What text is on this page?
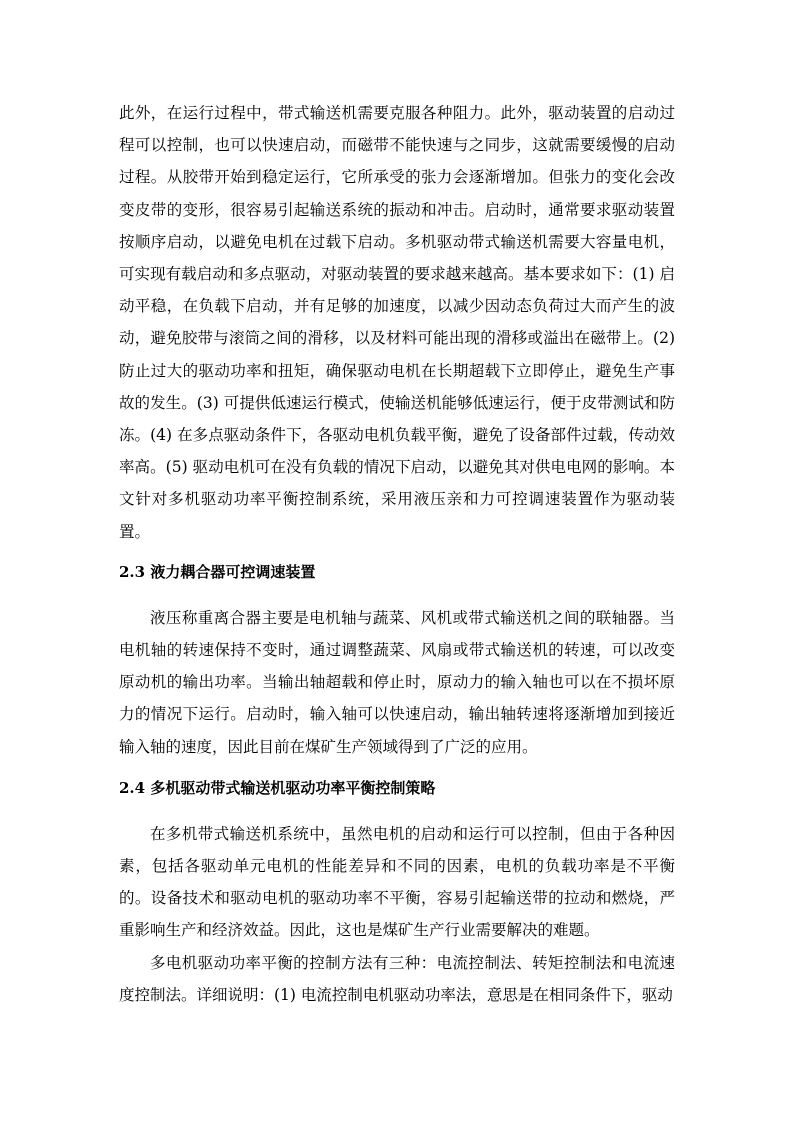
此外，在运行过程中，带式输送机需要克服各种阻力。此外，驱动装置的启动过程可以控制，也可以快速启动，而磁带不能快速与之同步，这就需要缓慢的启动过程。从胶带开始到稳定运行，它所承受的张力会逐渐增加。但张力的变化会改变皮带的变形，很容易引起输送系统的振动和冲击。启动时，通常要求驱动装置按顺序启动，以避免电机在过载下启动。多机驱动带式输送机需要大容量电机，可实现有载启动和多点驱动，对驱动装置的要求越来越高。基本要求如下：(1) 启动平稳，在负载下启动，并有足够的加速度，以减少因动态负荷过大而产生的波动，避免胶带与滚筒之间的滑移，以及材料可能出现的滑移或溢出在磁带上。(2) 防止过大的驱动功率和扭矩，确保驱动电机在长期超载下立即停止，避免生产事故的发生。(3) 可提供低速运行模式，使输送机能够低速运行，便于皮带测试和防冻。(4) 在多点驱动条件下，各驱动电机负载平衡，避免了设备部件过载，传动效率高。(5) 驱动电机可在没有负载的情况下启动，以避免其对供电电网的影响。本文针对多机驱动功率平衡控制系统，采用液压亲和力可控调速装置作为驱动装置。

2.3 液力耦合器可控调速装置

液压称重离合器主要是电机轴与蔬菜、风机或带式输送机之间的联轴器。当电机轴的转速保持不变时，通过调整蔬菜、风扇或带式输送机的转速，可以改变原动机的输出功率。当输出轴超载和停止时，原动力的输入轴也可以在不损坏原力的情况下运行。启动时，输入轴可以快速启动，输出轴转速将逐渐增加到接近输入轴的速度，因此目前在煤矿生产领域得到了广泛的应用。

2.4 多机驱动带式输送机驱动功率平衡控制策略

在多机带式输送机系统中，虽然电机的启动和运行可以控制，但由于各种因素，包括各驱动单元电机的性能差异和不同的因素，电机的负载功率是不平衡的。设备技术和驱动电机的驱动功率不平衡，容易引起输送带的拉动和燃烧，严重影响生产和经济效益。因此，这也是煤矿生产行业需要解决的难题。

多电机驱动功率平衡的控制方法有三种：电流控制法、转矩控制法和电流速度控制法。详细说明：(1) 电流控制电机驱动功率法，意思是在相同条件下，驱动
